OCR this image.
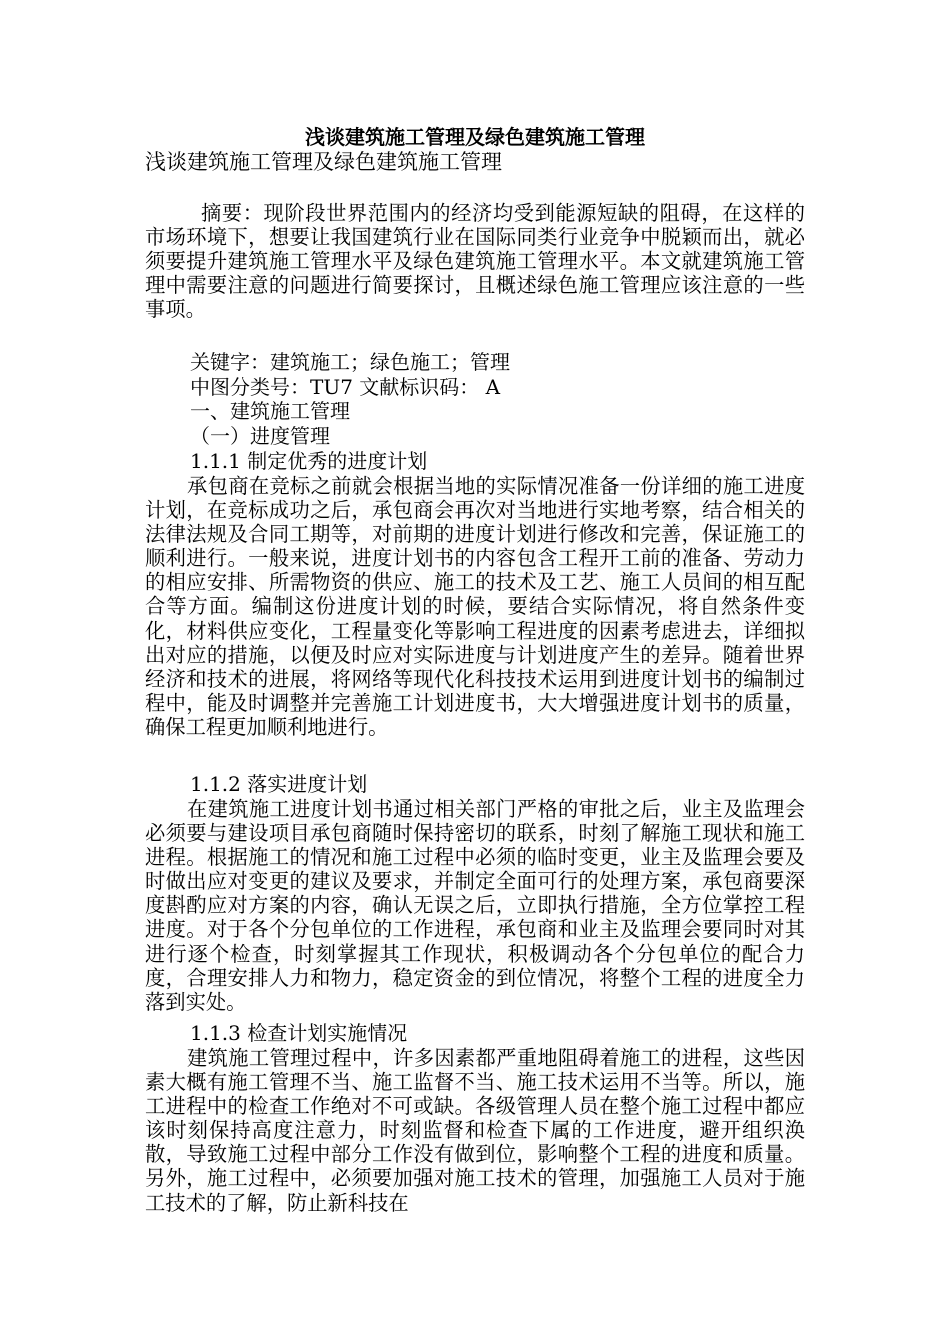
浅谈建筑施工管理及绿色建筑施工管理

浅谈建筑施工管理及绿色建筑施工管理

摘要：现阶段世界范围内的经济均受到能源短缺的阻碍，在这样的市场环境下，想要让我国建筑行业在国际同类行业竞争中脱颖而出，就必须要提升建筑施工管理水平及绿色建筑施工管理水平。本文就建筑施工管理中需要注意的问题进行简要探讨，且概述绿色施工管理应该注意的一些事项。

关键字：建筑施工；绿色施工；管理

中图分类号：TU7 文献标识码： A

一、建筑施工管理

（一）进度管理

1.1.1 制定优秀的进度计划

承包商在竞标之前就会根据当地的实际情况准备一份详细的施工进度计划，在竞标成功之后，承包商会再次对当地进行实地考察，结合相关的法律法规及合同工期等，对前期的进度计划进行修改和完善，保证施工的顺利进行。一般来说，进度计划书的内容包含工程开工前的准备、劳动力的相应安排、所需物资的供应、施工的技术及工艺、施工人员间的相互配合等方面。编制这份进度计划的时候，要结合实际情况，将自然条件变化，材料供应变化，工程量变化等影响工程进度的因素考虑进去，详细拟出对应的措施，以便及时应对实际进度与计划进度产生的差异。随着世界经济和技术的进展，将网络等现代化科技技术运用到进度计划书的编制过程中，能及时调整并完善施工计划进度书，大大增强进度计划书的质量，确保工程更加顺利地进行。

1.1.2 落实进度计划

在建筑施工进度计划书通过相关部门严格的审批之后，业主及监理会必须要与建设项目承包商随时保持密切的联系，时刻了解施工现状和施工进程。根据施工的情况和施工过程中必须的临时变更，业主及监理会要及时做出应对变更的建议及要求，并制定全面可行的处理方案，承包商要深度斟酌应对方案的内容，确认无误之后，立即执行措施，全方位掌控工程进度。对于各个分包单位的工作进程，承包商和业主及监理会要同时对其进行逐个检查，时刻掌握其工作现状，积极调动各个分包单位的配合力度，合理安排人力和物力，稳定资金的到位情况，将整个工程的进度全力落到实处。

1.1.3 检查计划实施情况

建筑施工管理过程中，许多因素都严重地阻碍着施工的进程，这些因素大概有施工管理不当、施工监督不当、施工技术运用不当等。所以，施工进程中的检查工作绝对不可或缺。各级管理人员在整个施工过程中都应该时刻保持高度注意力，时刻监督和检查下属的工作进度，避开组织涣散，导致施工过程中部分工作没有做到位，影响整个工程的进度和质量。另外，施工过程中，必须要加强对施工技术的管理，加强施工人员对于施工技术的了解，防止新科技在
